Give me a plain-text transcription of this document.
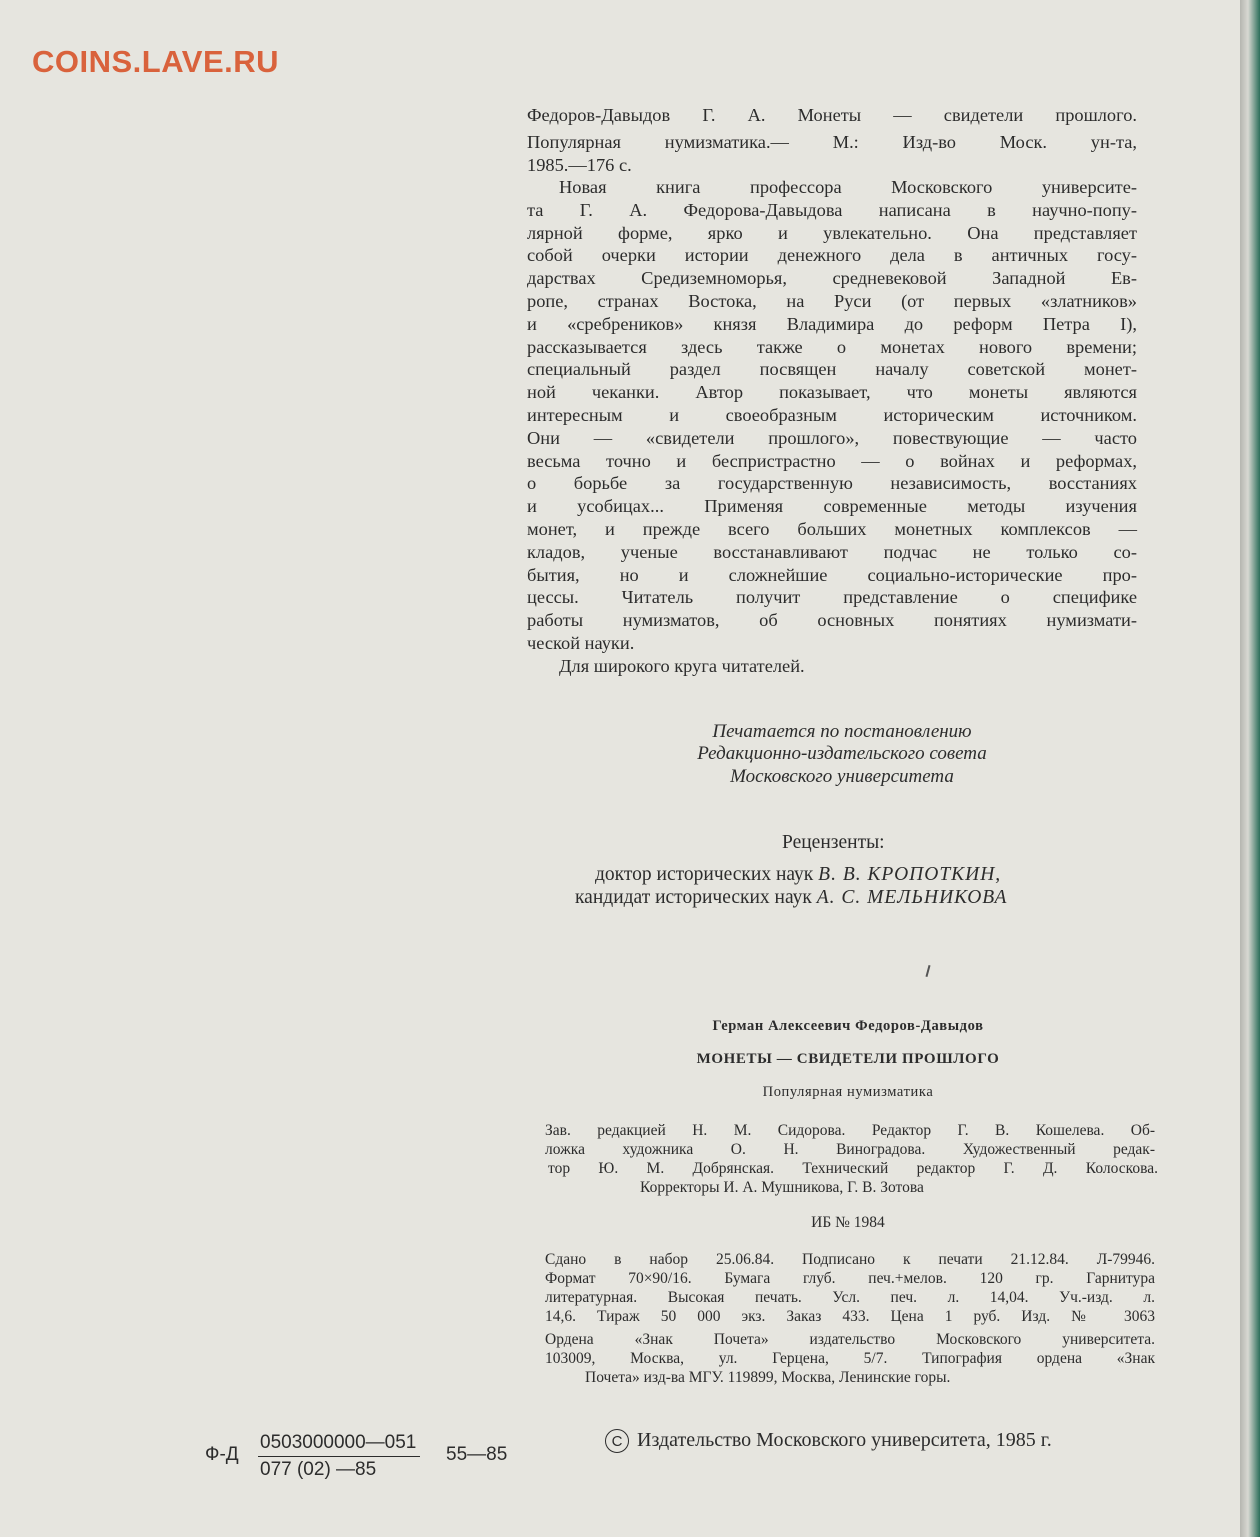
COINS.LAVE.RU
Федоров-Давыдов Г. А. Монеты — свидетели прошлого.
Популярная нумизматика.— М.: Изд-во Моск. ун-та,
1985.—176 с.
Новая книга профессора Московского университе-
та Г. А. Федорова-Давыдова написана в научно-попу-
лярной форме, ярко и увлекательно. Она представляет
собой очерки истории денежного дела в античных госу-
дарствах Средиземноморья, средневековой Западной Ев-
ропе, странах Востока, на Руси (от первых «златников»
и «сребреников» князя Владимира до реформ Петра I),
рассказывается здесь также о монетах нового времени;
специальный раздел посвящен началу советской монет-
ной чеканки. Автор показывает, что монеты являются
интересным и своеобразным историческим источником.
Они — «свидетели прошлого», повествующие — часто
весьма точно и беспристрастно — о войнах и реформах,
о борьбе за государственную независимость, восстаниях
и усобицах... Применяя современные методы изучения
монет, и прежде всего больших монетных комплексов —
кладов, ученые восстанавливают подчас не только со-
бытия, но и сложнейшие социально-исторические про-
цессы. Читатель получит представление о специфике
работы нумизматов, об основных понятиях нумизмати-
ческой науки.
Для широкого круга читателей.
Печатается по постановлению
Редакционно-издательского совета
Московского университета
Рецензенты:
доктор исторических наук В. В. КРОПОТКИН,
кандидат исторических наук А. С. МЕЛЬНИКОВА
Герман Алексеевич Федоров-Давыдов
МОНЕТЫ — СВИДЕТЕЛИ ПРОШЛОГО
Популярная нумизматика
Зав. редакцией Н. М. Сидорова. Редактор Г. В. Кошелева. Об-
ложка художника О. Н. Виноградова. Художественный редак-
тор Ю. М. Добрянская. Технический редактор Г. Д. Колоскова.
Корректоры И. А. Мушникова, Г. В. Зотова
ИБ № 1984
Сдано в набор 25.06.84. Подписано к печати 21.12.84. Л-79946.
Формат 70×90/16. Бумага глуб. печ.+мелов. 120 гр. Гарнитура
литературная. Высокая печать. Усл. печ. л. 14,04. Уч.-изд. л.
14,6. Тираж 50 000 экз. Заказ 433. Цена 1 руб. Изд. № 3063
Ордена «Знак Почета» издательство Московского университета.
103009, Москва, ул. Герцена, 5/7. Типография ордена «Знак
Почета» изд-ва МГУ. 119899, Москва, Ленинские горы.
$Ф-Д \frac{0503000000—051}{077 (02) —85}$ 55—85
C Издательство Московского университета, 1985 г.
